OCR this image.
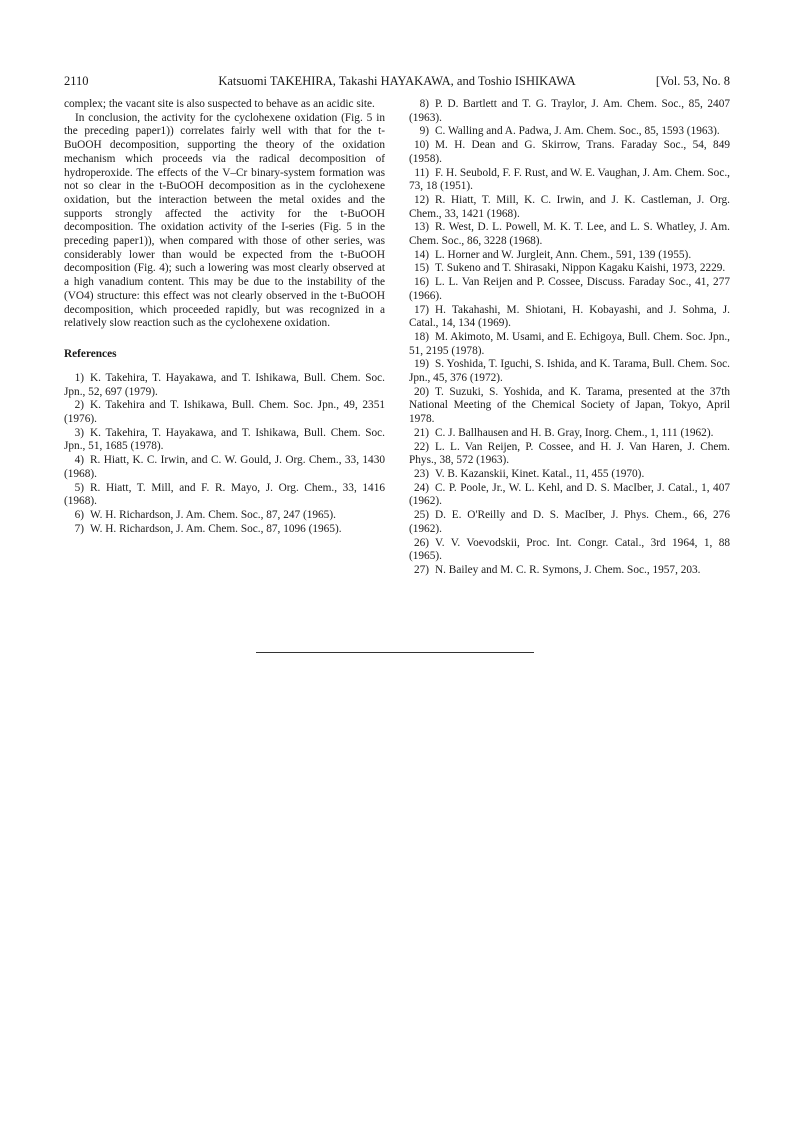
2110	Katsuomi TAKEHIRA, Takashi HAYAKAWA, and Toshio ISHIKAWA	[Vol. 53, No. 8

complex; the vacant site is also suspected to behave as an acidic site.

In conclusion, the activity for the cyclohexene oxidation (Fig. 5 in the preceding paper1)) correlates fairly well with that for the t-BuOOH decomposition, supporting the theory of the oxidation mechanism which proceeds via the radical decomposition of hydroperoxide. The effects of the V–Cr binary-system formation was not so clear in the t-BuOOH decomposition as in the cyclohexene oxidation, but the interaction between the metal oxides and the supports strongly affected the activity for the t-BuOOH decomposition. The oxidation activity of the I-series (Fig. 5 in the preceding paper1)), when compared with those of other series, was considerably lower than would be expected from the t-BuOOH decomposition (Fig. 4); such a lowering was most clearly observed at a high vanadium content. This may be due to the instability of the (VO4) structure: this effect was not clearly observed in the t-BuOOH decomposition, which proceeded rapidly, but was recognized in a relatively slow reaction such as the cyclohexene oxidation.

References
1) K. Takehira, T. Hayakawa, and T. Ishikawa, Bull. Chem. Soc. Jpn., 52, 697 (1979).
2) K. Takehira and T. Ishikawa, Bull. Chem. Soc. Jpn., 49, 2351 (1976).
3) K. Takehira, T. Hayakawa, and T. Ishikawa, Bull. Chem. Soc. Jpn., 51, 1685 (1978).
4) R. Hiatt, K. C. Irwin, and C. W. Gould, J. Org. Chem., 33, 1430 (1968).
5) R. Hiatt, T. Mill, and F. R. Mayo, J. Org. Chem., 33, 1416 (1968).
6) W. H. Richardson, J. Am. Chem. Soc., 87, 247 (1965).
7) W. H. Richardson, J. Am. Chem. Soc., 87, 1096 (1965).
8) P. D. Bartlett and T. G. Traylor, J. Am. Chem. Soc., 85, 2407 (1963).
9) C. Walling and A. Padwa, J. Am. Chem. Soc., 85, 1593 (1963).
10) M. H. Dean and G. Skirrow, Trans. Faraday Soc., 54, 849 (1958).
11) F. H. Seubold, F. F. Rust, and W. E. Vaughan, J. Am. Chem. Soc., 73, 18 (1951).
12) R. Hiatt, T. Mill, K. C. Irwin, and J. K. Castleman, J. Org. Chem., 33, 1421 (1968).
13) R. West, D. L. Powell, M. K. T. Lee, and L. S. Whatley, J. Am. Chem. Soc., 86, 3228 (1968).
14) L. Horner and W. Jurgleit, Ann. Chem., 591, 139 (1955).
15) T. Sukeno and T. Shirasaki, Nippon Kagaku Kaishi, 1973, 2229.
16) L. L. Van Reijen and P. Cossee, Discuss. Faraday Soc., 41, 277 (1966).
17) H. Takahashi, M. Shiotani, H. Kobayashi, and J. Sohma, J. Catal., 14, 134 (1969).
18) M. Akimoto, M. Usami, and E. Echigoya, Bull. Chem. Soc. Jpn., 51, 2195 (1978).
19) S. Yoshida, T. Iguchi, S. Ishida, and K. Tarama, Bull. Chem. Soc. Jpn., 45, 376 (1972).
20) T. Suzuki, S. Yoshida, and K. Tarama, presented at the 37th National Meeting of the Chemical Society of Japan, Tokyo, April 1978.
21) C. J. Ballhausen and H. B. Gray, Inorg. Chem., 1, 111 (1962).
22) L. L. Van Reijen, P. Cossee, and H. J. Van Haren, J. Chem. Phys., 38, 572 (1963).
23) V. B. Kazanskii, Kinet. Katal., 11, 455 (1970).
24) C. P. Poole, Jr., W. L. Kehl, and D. S. MacIber, J. Catal., 1, 407 (1962).
25) D. E. O'Reilly and D. S. MacIber, J. Phys. Chem., 66, 276 (1962).
26) V. V. Voevodskii, Proc. Int. Congr. Catal., 3rd 1964, 1, 88 (1965).
27) N. Bailey and M. C. R. Symons, J. Chem. Soc., 1957, 203.
